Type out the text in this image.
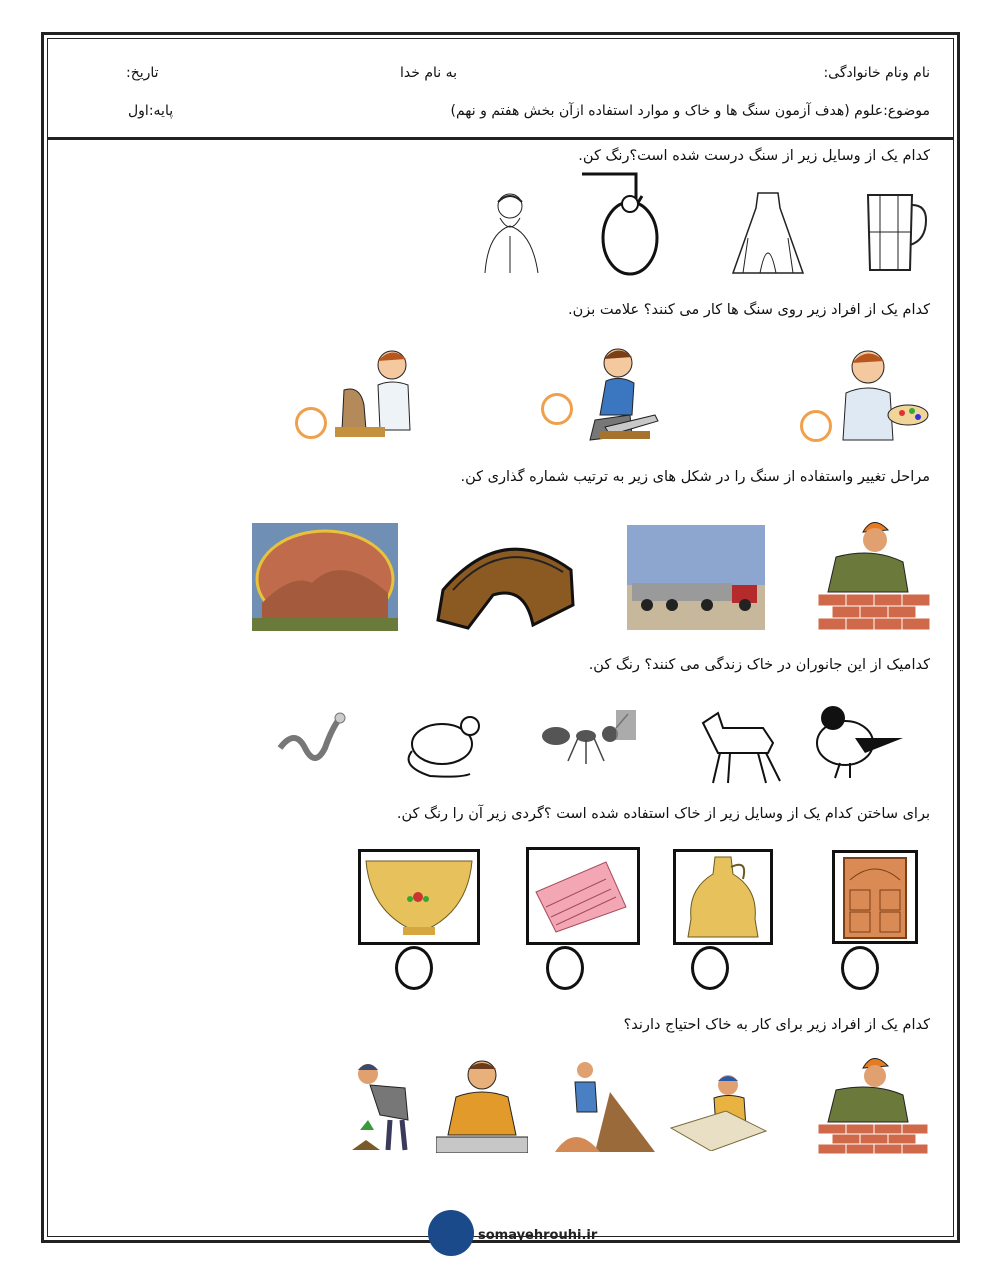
نام ونام خانوادگی:
به نام خدا
تاریخ:
موضوع:علوم (هدف آزمون سنگ ها و خاک و موارد استفاده ازآن بخش هفتم و نهم)
پایه:اول
کدام یک از وسایل زیر از سنگ درست شده است؟رنگ کن.
کدام یک از افراد زیر روی سنگ ها کار می کنند؟ علامت بزن.
مراحل تغییر واستفاده از سنگ را در شکل های زیر به ترتیب شماره گذاری کن.
کدامیک از این جانوران در خاک زندگی می کنند؟ رنگ کن.
برای ساختن کدام یک از وسایل زیر از خاک استفاده شده است ؟گردی زیر آن را رنگ کن.
کدام یک از افراد زیر برای کار به خاک احتیاج دارند؟
somayehrouhi.ir
